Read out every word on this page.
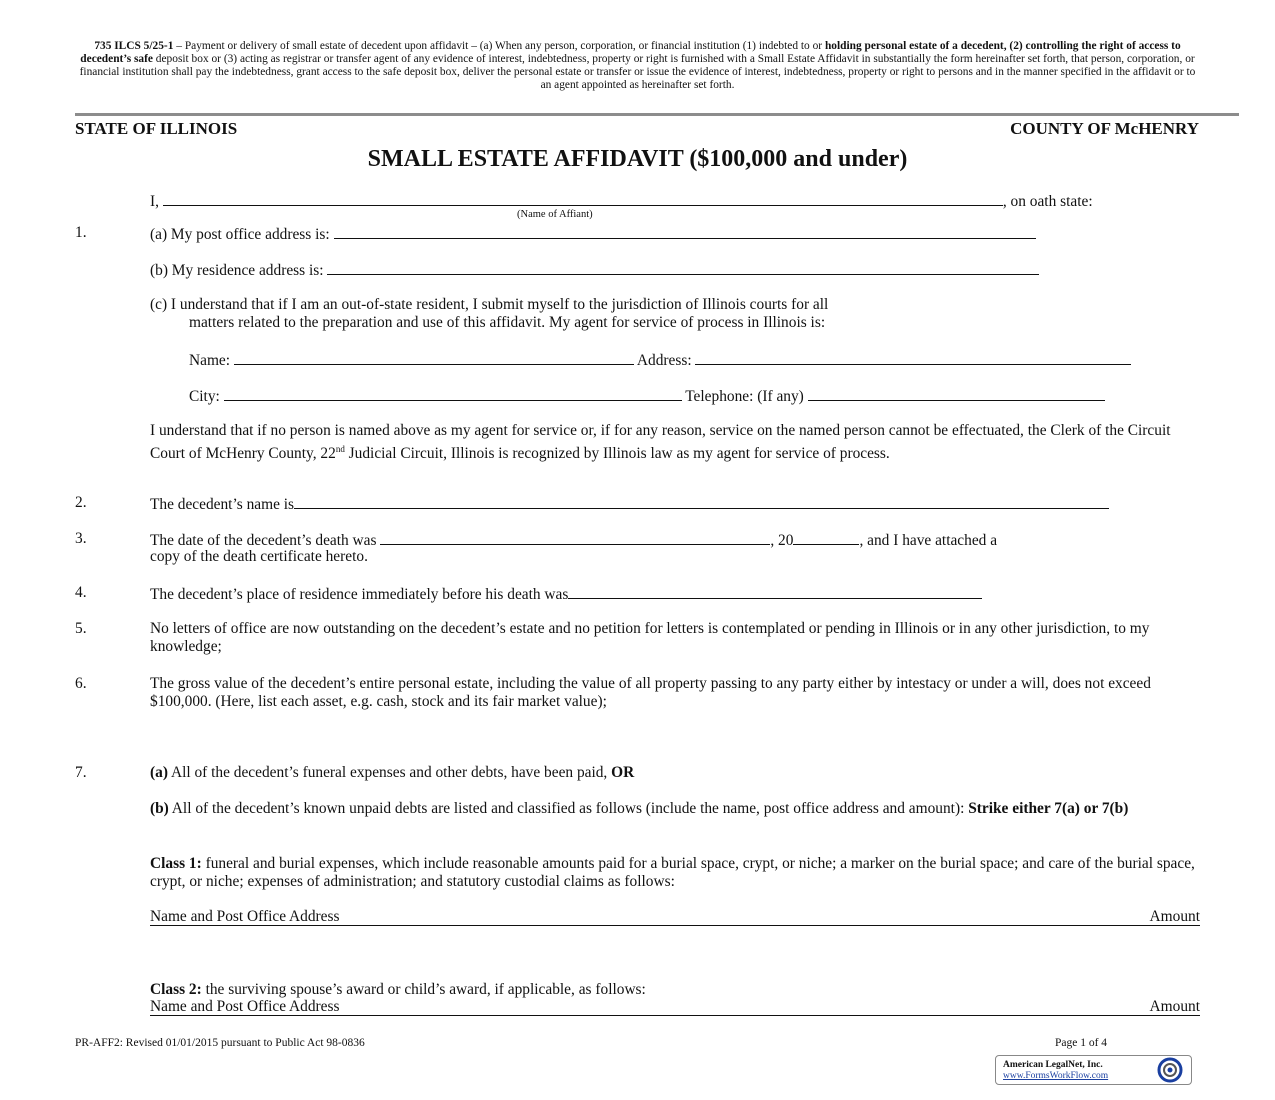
735 ILCS 5/25-1 – Payment or delivery of small estate of decedent upon affidavit – (a) When any person, corporation, or financial institution (1) indebted to or holding personal estate of a decedent, (2) controlling the right of access to decedent’s safe deposit box or (3) acting as registrar or transfer agent of any evidence of interest, indebtedness, property or right is furnished with a Small Estate Affidavit in substantially the form hereinafter set forth, that person, corporation, or financial institution shall pay the indebtedness, grant access to the safe deposit box, deliver the personal estate or transfer or issue the evidence of interest, indebtedness, property or right to persons and in the manner specified in the affidavit or to an agent appointed as hereinafter set forth.
STATE OF ILLINOIS	COUNTY OF McHENRY
SMALL ESTATE AFFIDAVIT ($100,000 and under)
I,	, on oath state:
(Name of Affiant)
1.	(a) My post office address is:
(b) My residence address is:
(c) I understand that if I am an out-of-state resident, I submit myself to the jurisdiction of Illinois courts for all
matters related to the preparation and use of this affidavit. My agent for service of process in Illinois is:
Name:	Address:
City:	Telephone: (If any)
I understand that if no person is named above as my agent for service or, if for any reason, service on the named person cannot be effectuated, the Clerk of the Circuit Court of McHenry County, 22nd Judicial Circuit, Illinois is recognized by Illinois law as my agent for service of process.
2.	The decedent’s name is
3.	The date of the decedent’s death was	, 20	, and I have attached a
copy of the death certificate hereto.
4.	The decedent’s place of residence immediately before his death was
5.	No letters of office are now outstanding on the decedent’s estate and no petition for letters is contemplated or pending in Illinois or in any other jurisdiction, to my knowledge;
6.	The gross value of the decedent’s entire personal estate, including the value of all property passing to any party either by intestacy or under a will, does not exceed $100,000. (Here, list each asset, e.g. cash, stock and its fair market value);
7.	(a) All of the decedent’s funeral expenses and other debts, have been paid, OR
(b) All of the decedent’s known unpaid debts are listed and classified as follows (include the name, post office address and amount): Strike either 7(a) or 7(b)
Class 1: funeral and burial expenses, which include reasonable amounts paid for a burial space, crypt, or niche; a marker on the burial space; and care of the burial space, crypt, or niche; expenses of administration; and statutory custodial claims as follows:
Name and Post Office Address	Amount
Class 2: the surviving spouse’s award or child’s award, if applicable, as follows:
Name and Post Office Address	Amount
PR-AFF2: Revised 01/01/2015 pursuant to Public Act 98-0836	Page 1 of 4
American LegalNet, Inc.
www.FormsWorkFlow.com
